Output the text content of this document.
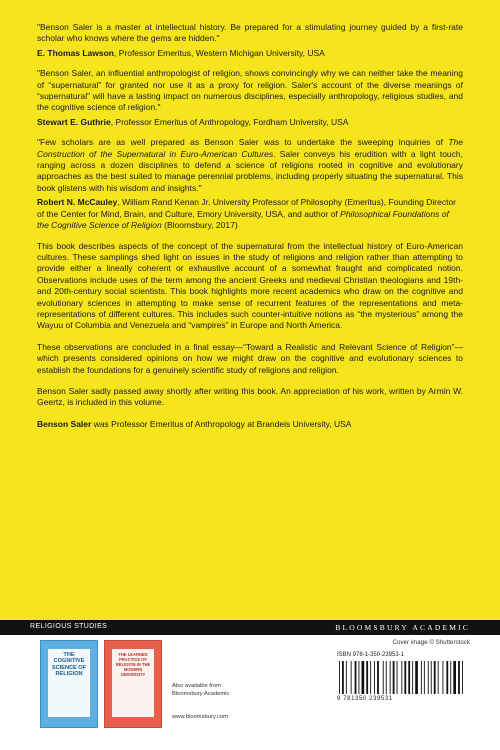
"Benson Saler is a master at intellectual history. Be prepared for a stimulating journey guided by a first-rate scholar who knows where the gems are hidden."

E. Thomas Lawson, Professor Emeritus, Western Michigan University, USA

"Benson Saler, an influential anthropologist of religion, shows convincingly why we can neither take the meaning of “supernatural” for granted nor use it as a proxy for religion. Saler's account of the diverse meanings of “supernatural” will have a lasting impact on numerous disciplines, especially anthropology, religious studies, and the cognitive science of religion."

Stewart E. Guthrie, Professor Emeritus of Anthropology, Fordham University, USA

"Few scholars are as well prepared as Benson Saler was to undertake the sweeping inquiries of The Construction of the Supernatural in Euro-American Cultures. Saler conveys his erudition with a light touch, ranging across a dozen disciplines to defend a science of religions rooted in cognitive and evolutionary approaches as the best suited to manage perennial problems, including properly situating the supernatural. This book glistens with his wisdom and insights."

Robert N. McCauley, William Rand Kenan Jr. University Professor of Philosophy (Emeritus), Founding Director of the Center for Mind, Brain, and Culture, Emory University, USA, and author of Philosophical Foundations of the Cognitive Science of Religion (Bloomsbury, 2017)

This book describes aspects of the concept of the supernatural from the intellectual history of Euro-American cultures. These samplings shed light on issues in the study of religions and religion rather than attempting to provide either a lineally coherent or exhaustive account of a somewhat fraught and complicated notion. Observations include uses of the term among the ancient Greeks and medieval Christian theologians and 19th- and 20th-century social scientists. This book highlights more recent academics who draw on the cognitive and evolutionary sciences in attempting to make sense of recurrent features of the representations and meta-representations of different cultures. This includes such counter-intuitive notions as “the mysterious” among the Wayuu of Columbia and Venezuela and “vampires” in Europe and North America.

These observations are concluded in a final essay—“Toward a Realistic and Relevant Science of Religion”—which presents considered opinions on how we might draw on the cognitive and evolutionary sciences to establish the foundations for a genuinely scientific study of religions and religion.

Benson Saler sadly passed away shortly after writing this book. An appreciation of his work, written by Armin W. Geertz, is included in this volume.

Benson Saler was Professor Emeritus of Anthropology at Brandeis University, USA

RELIGIOUS STUDIES	BLOOMSBURY ACADEMIC
Cover image © Shutterstock
THE COGNITIVE SCIENCE OF RELIGION
THE LEARNED PRACTICE OF RELIGION IN THE MODERN UNIVERSITY
Also available from
Bloomsbury Academic
www.bloomsbury.com
ISBN 978-1-350-23953-1
9 781350 239531
